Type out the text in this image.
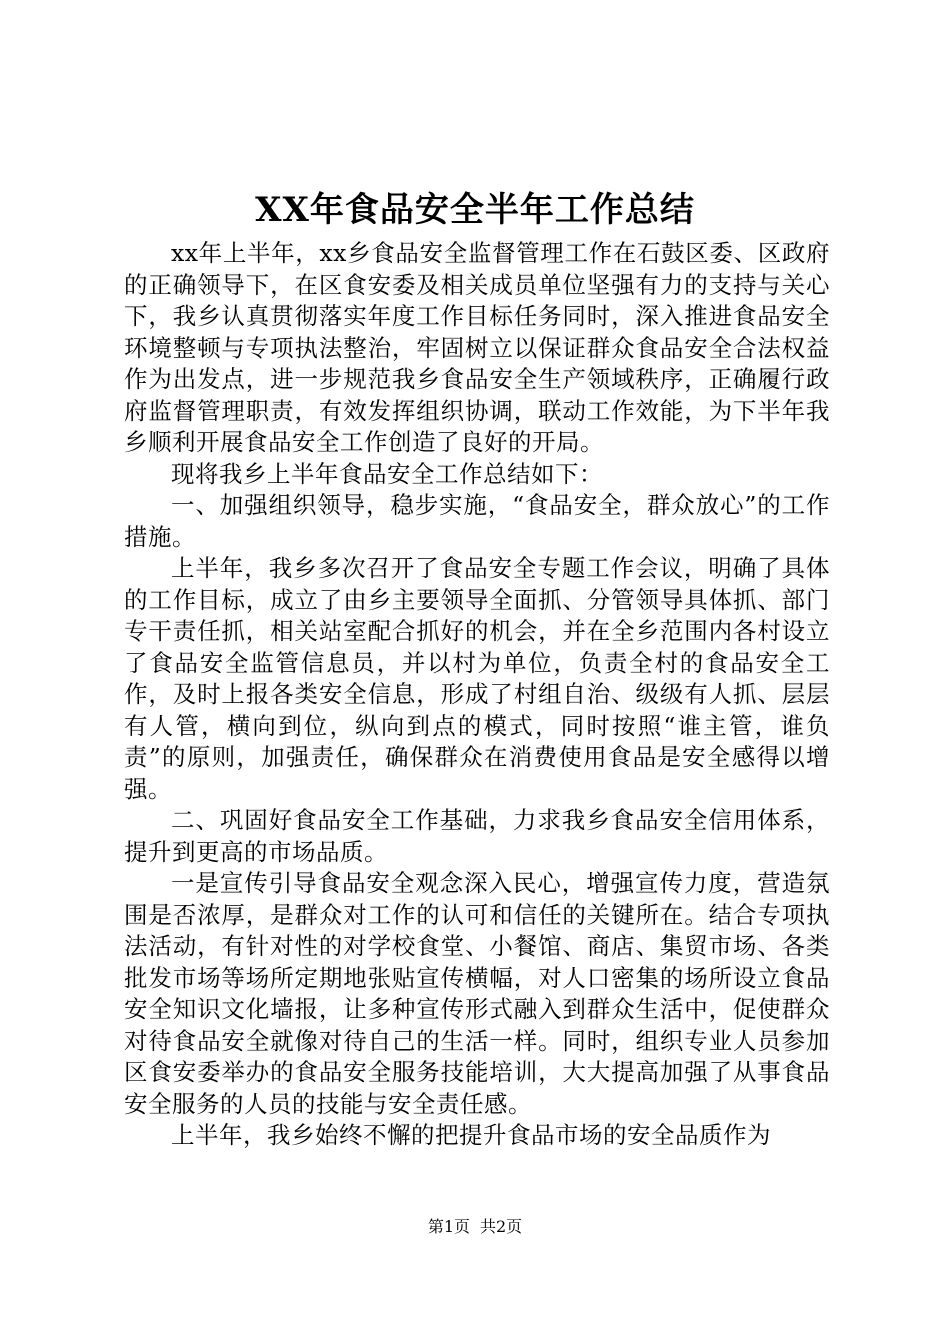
XX年食品安全半年工作总结

xx年上半年，xx乡食品安全监督管理工作在石鼓区委、区政府的正确领导下，在区食安委及相关成员单位坚强有力的支持与关心下，我乡认真贯彻落实年度工作目标任务同时，深入推进食品安全环境整顿与专项执法整治，牢固树立以保证群众食品安全合法权益作为出发点，进一步规范我乡食品安全生产领域秩序，正确履行政府监督管理职责，有效发挥组织协调，联动工作效能，为下半年我乡顺利开展食品安全工作创造了良好的开局。

现将我乡上半年食品安全工作总结如下：

一、加强组织领导，稳步实施，“食品安全，群众放心”的工作措施。

上半年，我乡多次召开了食品安全专题工作会议，明确了具体的工作目标，成立了由乡主要领导全面抓、分管领导具体抓、部门专干责任抓，相关站室配合抓好的机会，并在全乡范围内各村设立了食品安全监管信息员，并以村为单位，负责全村的食品安全工作，及时上报各类安全信息，形成了村组自治、级级有人抓、层层有人管，横向到位，纵向到点的模式，同时按照“谁主管，谁负责”的原则，加强责任，确保群众在消费使用食品是安全感得以增强。

二、巩固好食品安全工作基础，力求我乡食品安全信用体系，提升到更高的市场品质。

一是宣传引导食品安全观念深入民心，增强宣传力度，营造氛围是否浓厚，是群众对工作的认可和信任的关键所在。结合专项执法活动，有针对性的对学校食堂、小餐馆、商店、集贸市场、各类批发市场等场所定期地张贴宣传横幅，对人口密集的场所设立食品安全知识文化墙报，让多种宣传形式融入到群众生活中，促使群众对待食品安全就像对待自己的生活一样。同时，组织专业人员参加区食安委举办的食品安全服务技能培训，大大提高加强了从事食品安全服务的人员的技能与安全责任感。

上半年，我乡始终不懈的把提升食品市场的安全品质作为

第1页 共2页
